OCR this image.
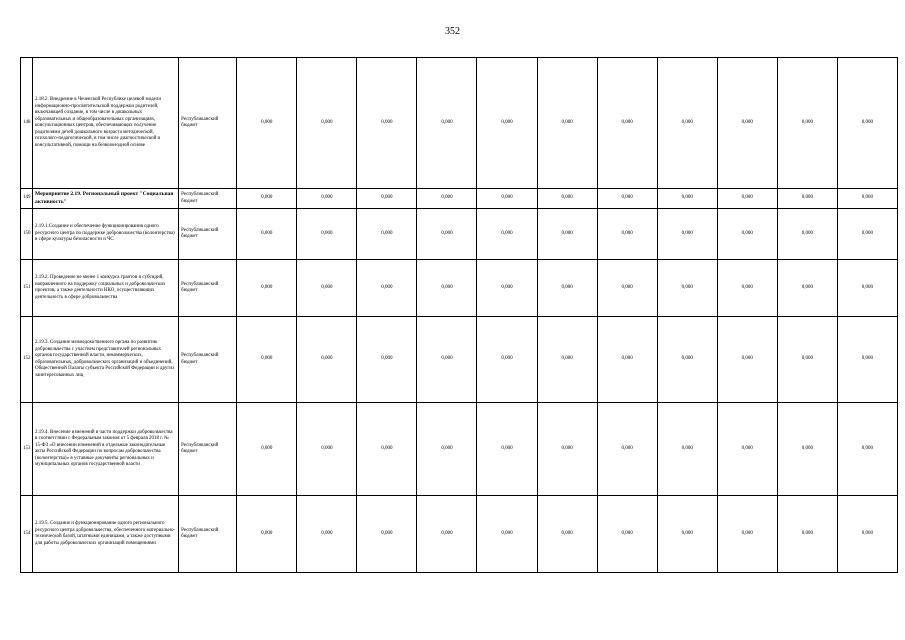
352
148	2.18.2. Внедрение в Чеченской Республике целевой модели информационно-просветительской поддержки родителей, включающей создание, в том числе в дошкольных образовательных и общеобразовательных организациях, консультационных центров, обеспечивающих получение родителями детей дошкольного возраста методической, психолого-педагогической, в том числе диагностической и консультативной, помощи на безвозмездной основе	Республиканский бюджет	0,000	0,000	0,000	0,000	0,000	0,000	0,000	0,000	0,000	0,000	0,000
149	Мероприятие 2.19. Региональный проект "Социальная активность"	Республиканский бюджет	0,000	0,000	0,000	0,000	0,000	0,000	0,000	0,000	0,000	0,000	0,000
150	2.19.1.Создание и обеспечение функционирования одного ресурсного центра по поддержке добровольчества (волонтерства) в сфере культуры безопасности и ЧС	Республиканский бюджет	0,000	0,000	0,000	0,000	0,000	0,000	0,000	0,000	0,000	0,000	0,000
151	2.19.2. Проведение не менее 1 конкурса грантов и субсидий, направленного на поддержку социальных и добровольческих проектов, а также деятельности НКО, осуществляющих деятельность в сфере добровольчества	Республиканский бюджет	0,000	0,000	0,000	0,000	0,000	0,000	0,000	0,000	0,000	0,000	0,000
152	2.19.3. Создание межведомственного органа по развитию добровольчества с участием представителей региональных органов государственной власти, некоммерческих, образовательных, добровольческих организаций и объединений, Общественной Палаты субъекта Российской Федерации и других заинтересованных лиц	Республиканский бюджет	0,000	0,000	0,000	0,000	0,000	0,000	0,000	0,000	0,000	0,000	0,000
153	2.19.4. Внесение изменений в части поддержки добровольчества в соответствии с Федеральным законом от 5 февраля 2018 г. № 15-ФЗ «О внесении изменений в отдельные законодательные акты Российской Федерации по вопросам добровольчества (волонтерства)» в уставные документы региональных и муниципальных органов государственной власти	Республиканский бюджет	0,000	0,000	0,000	0,000	0,000	0,000	0,000	0,000	0,000	0,000	0,000
154	2.19.5. Создание и функционирование одного регионального ресурсного центра добровольчества, обеспеченного материально-технической базой, штатными единицами, а также доступными для работы добровольческих организаций помещениями	Республиканский бюджет	0,000	0,000	0,000	0,000	0,000	0,000	0,000	0,000	0,000	0,000	0,000
